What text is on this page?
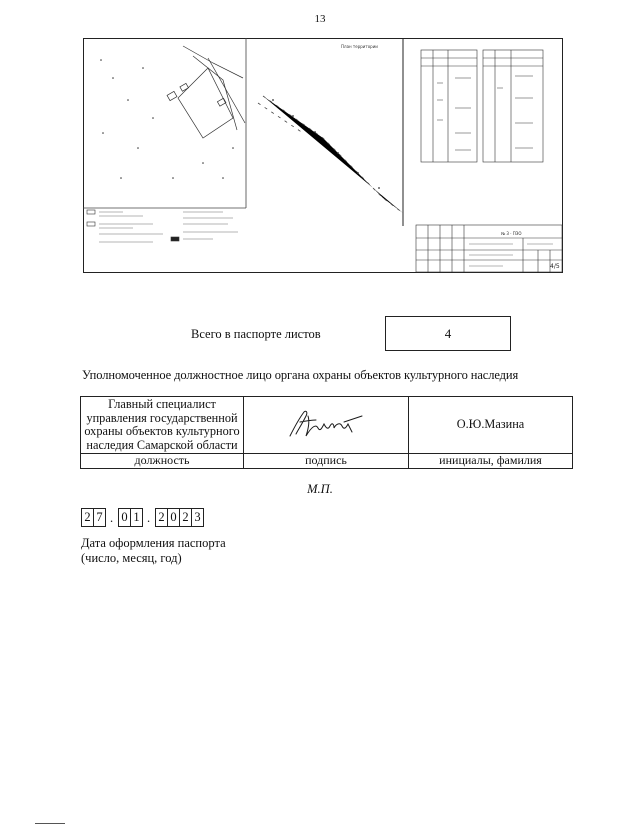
13
План территории
№ 3 · ПЗО
4/5
Всего в паспорте листов	4
Уполномоченное должностное лицо органа охраны объектов культурного наследия
Главный специалист
управления государственной
охраны объектов культурного
наследия Самарской области		О.Ю.Мазина
должность	подпись	инициалы, фамилия
М.П.
2 7 . 0 1 . 2 0 2 3
Дата оформления паспорта
(число, месяц, год)
